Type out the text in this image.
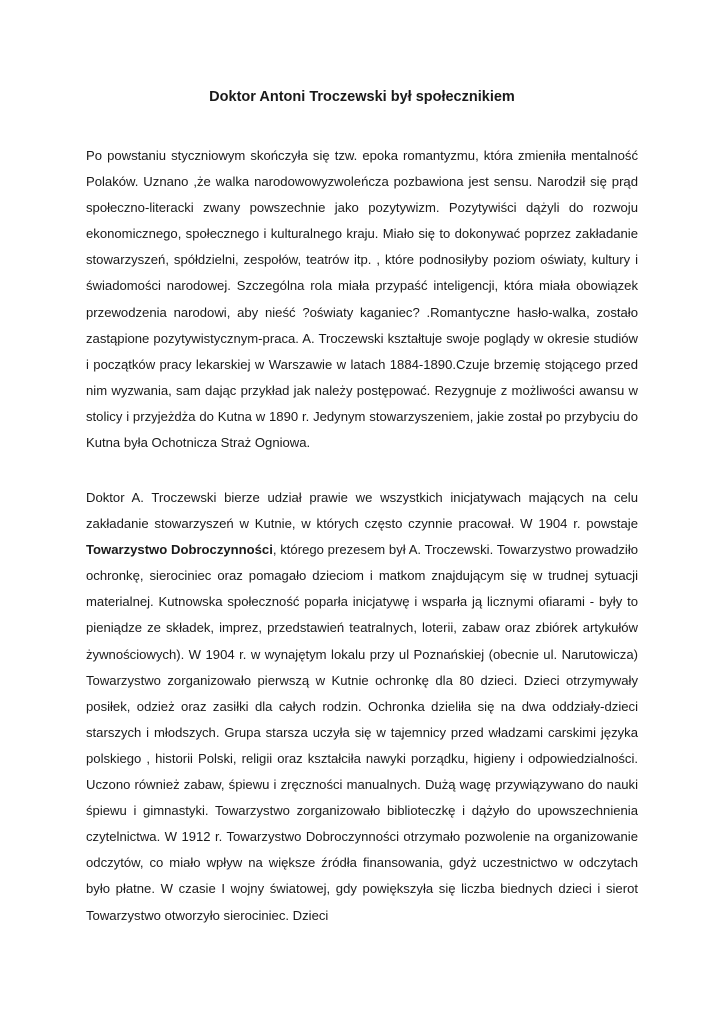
Doktor Antoni Troczewski był społecznikiem

Po powstaniu styczniowym skończyła się tzw. epoka romantyzmu, która zmieniła mentalność Polaków. Uznano ,że walka narodowowyzwoleńcza pozbawiona jest sensu. Narodził się prąd społeczno-literacki zwany powszechnie jako pozytywizm. Pozytywiści dążyli do rozwoju ekonomicznego, społecznego i kulturalnego kraju. Miało się to dokonywać poprzez zakładanie stowarzyszeń, spółdzielni, zespołów, teatrów itp. , które podnosiłyby poziom oświaty, kultury i świadomości narodowej. Szczególna rola miała przypaść inteligencji, która miała obowiązek przewodzenia narodowi, aby nieść ?oświaty kaganiec? .Romantyczne hasło-walka, zostało zastąpione pozytywistycznym-praca. A. Troczewski kształtuje swoje poglądy w okresie studiów i początków pracy lekarskiej w Warszawie w latach 1884-1890.Czuje brzemię stojącego przed nim wyzwania, sam dając przykład jak należy postępować. Rezygnuje z możliwości awansu w stolicy i przyjeżdża do Kutna w 1890 r. Jedynym stowarzyszeniem, jakie został po przybyciu do Kutna była Ochotnicza Straż Ogniowa.

Doktor A. Troczewski bierze udział prawie we wszystkich inicjatywach mających na celu zakładanie stowarzyszeń w Kutnie, w których często czynnie pracował. W 1904 r. powstaje Towarzystwo Dobroczynności, którego prezesem był A. Troczewski. Towarzystwo prowadziło ochronkę, sierociniec oraz pomagało dzieciom i matkom znajdującym się w trudnej sytuacji materialnej. Kutnowska społeczność poparła inicjatywę i wsparła ją licznymi ofiarami - były to pieniądze ze składek, imprez, przedstawień teatralnych, loterii, zabaw oraz zbiórek artykułów żywnościowych). W 1904 r. w wynajętym lokalu przy ul Poznańskiej (obecnie ul. Narutowicza) Towarzystwo zorganizowało pierwszą w Kutnie ochronkę dla 80 dzieci. Dzieci otrzymywały posiłek, odzież oraz zasiłki dla całych rodzin. Ochronka dzieliła się na dwa oddziały-dzieci starszych i młodszych. Grupa starsza uczyła się w tajemnicy przed władzami carskimi języka polskiego , historii Polski, religii oraz kształciła nawyki porządku, higieny i odpowiedzialności. Uczono również zabaw, śpiewu i zręczności manualnych. Dużą wagę przywiązywano do nauki śpiewu i gimnastyki. Towarzystwo zorganizowało biblioteczkę i dążyło do upowszechnienia czytelnictwa. W 1912 r. Towarzystwo Dobroczynności otrzymało pozwolenie na organizowanie odczytów, co miało wpływ na większe źródła finansowania, gdyż uczestnictwo w odczytach było płatne. W czasie I wojny światowej, gdy powiększyła się liczba biednych dzieci i sierot Towarzystwo otworzyło sierociniec. Dzieci
